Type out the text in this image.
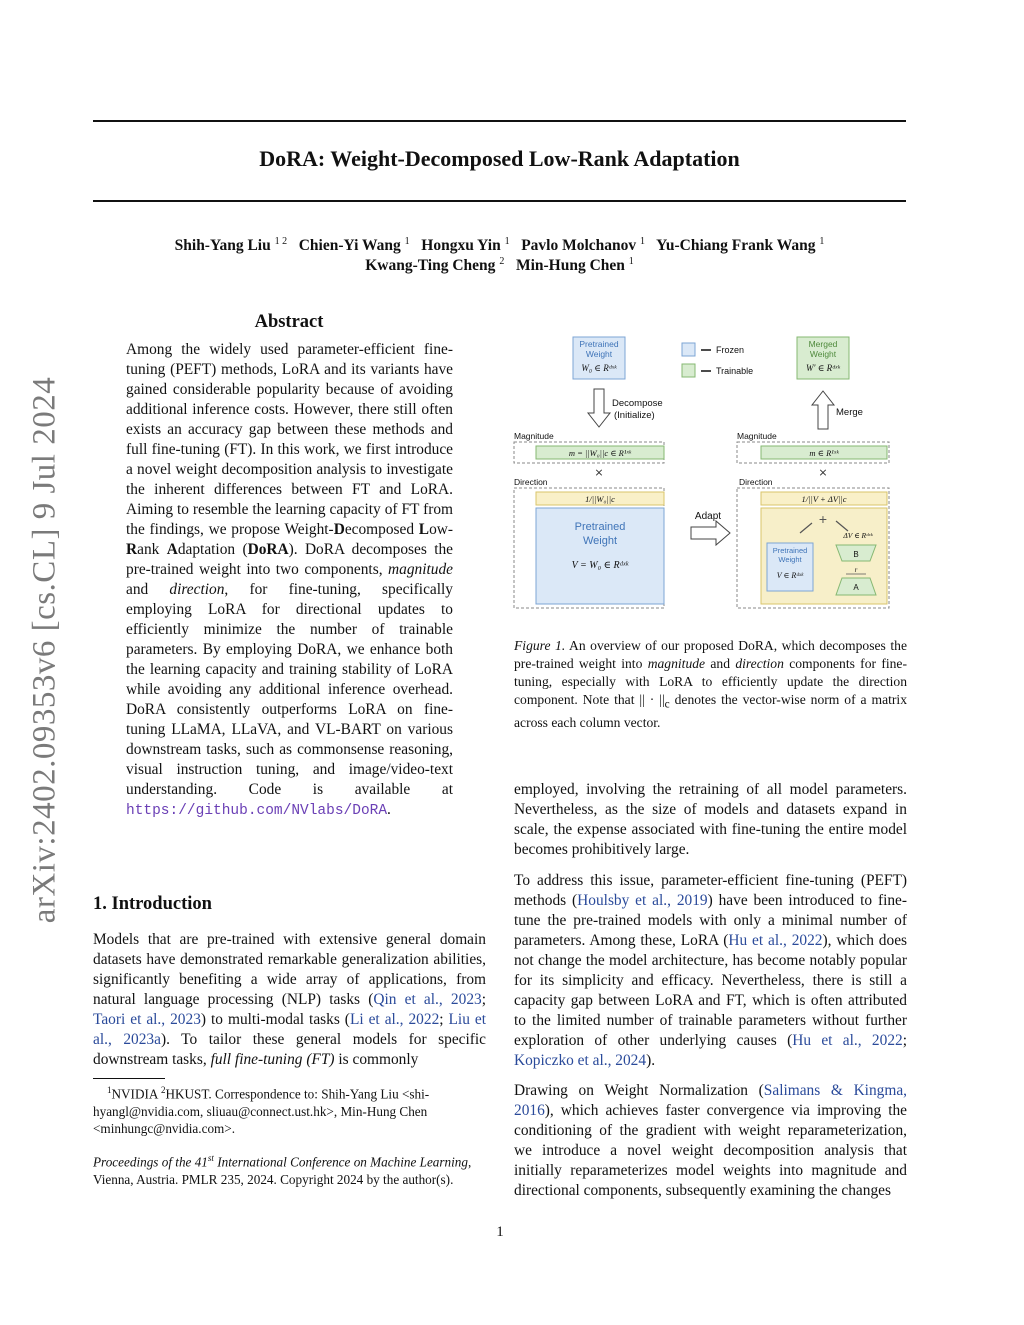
arXiv:2402.09353v6 [cs.CL] 9 Jul 2024
DoRA: Weight-Decomposed Low-Rank Adaptation
Shih-Yang Liu $^{1 2}$ Chien-Yi Wang $^1$ Hongxu Yin $^1$ Pavlo Molchanov $^1$ Yu-Chiang Frank Wang $^1$
Kwang-Ting Cheng $^2$ Min-Hung Chen $^1$
Abstract

Among the widely used parameter-efficient fine-tuning (PEFT) methods, LoRA and its variants have gained considerable popularity because of avoiding additional inference costs. However, there still often exists an accuracy gap between these methods and full fine-tuning (FT). In this work, we first introduce a novel weight decomposition analysis to investigate the inherent differences between FT and LoRA. Aiming to resemble the learning capacity of FT from the findings, we propose Weight-Decomposed Low-Rank Adaptation (DoRA). DoRA decomposes the pre-trained weight into two components, magnitude and direction, for fine-tuning, specifically employing LoRA for directional updates to efficiently minimize the number of trainable parameters. By employing DoRA, we enhance both the learning capacity and training stability of LoRA while avoiding any additional inference overhead. DoRA consistently outperforms LoRA on fine-tuning LLaMA, LLaVA, and VL-BART on various downstream tasks, such as commonsense reasoning, visual instruction tuning, and image/video-text understanding. Code is available at https://github.com/NVlabs/DoRA.

1. Introduction

Models that are pre-trained with extensive general domain datasets have demonstrated remarkable generalization abilities, significantly benefiting a wide array of applications, from natural language processing (NLP) tasks (Qin et al., 2023; Taori et al., 2023) to multi-modal tasks (Li et al., 2022; Liu et al., 2023a). To tailor these general models for specific downstream tasks, full fine-tuning (FT) is commonly

$^1$NVIDIA $^2$HKUST. Correspondence to: Shih-Yang Liu <shi-hyangl@nvidia.com, sliuau@connect.ust.hk>, Min-Hung Chen <minhungc@nvidia.com>.

Proceedings of the 41st International Conference on Machine Learning, Vienna, Austria. PMLR 235, 2024. Copyright 2024 by the author(s).

Pretrained
Weight
W₀ ∈ Rᵈˣᵏ
Frozen
Trainable
Merged
Weight
W′ ∈ Rᵈˣᵏ
Decompose
(Initialize)	Merge
Magnitude
m = ||W₀||c ∈ R¹ˣᵏ
⨯
Direction
1/||W₀||c
Pretrained
Weight
V = W₀ ∈ Rᵈˣᵏ
Adapt
Magnitude
m ∈ R¹ˣᵏ
⨯
Direction
1/||V + ΔV||c
+
ΔV ∈ Rᵈˣᵏ
Pretrained
Weight
V ∈ Rᵈˣᵏ
B
r
A

Figure 1. An overview of our proposed DoRA, which decomposes the pre-trained weight into magnitude and direction components for fine-tuning, especially with LoRA to efficiently update the direction component. Note that || · $||_c$ denotes the vector-wise norm of a matrix across each column vector.

employed, involving the retraining of all model parameters. Nevertheless, as the size of models and datasets expand in scale, the expense associated with fine-tuning the entire model becomes prohibitively large.

To address this issue, parameter-efficient fine-tuning (PEFT) methods (Houlsby et al., 2019) have been introduced to fine-tune the pre-trained models with only a minimal number of parameters. Among these, LoRA (Hu et al., 2022), which does not change the model architecture, has become notably popular for its simplicity and efficacy. Nevertheless, there is still a capacity gap between LoRA and FT, which is often attributed to the limited number of trainable parameters without further exploration of other underlying causes (Hu et al., 2022; Kopiczko et al., 2024).

Drawing on Weight Normalization (Salimans & Kingma, 2016), which achieves faster convergence via improving the conditioning of the gradient with weight reparameterization, we introduce a novel weight decomposition analysis that initially reparameterizes model weights into magnitude and directional components, subsequently examining the changes

1
